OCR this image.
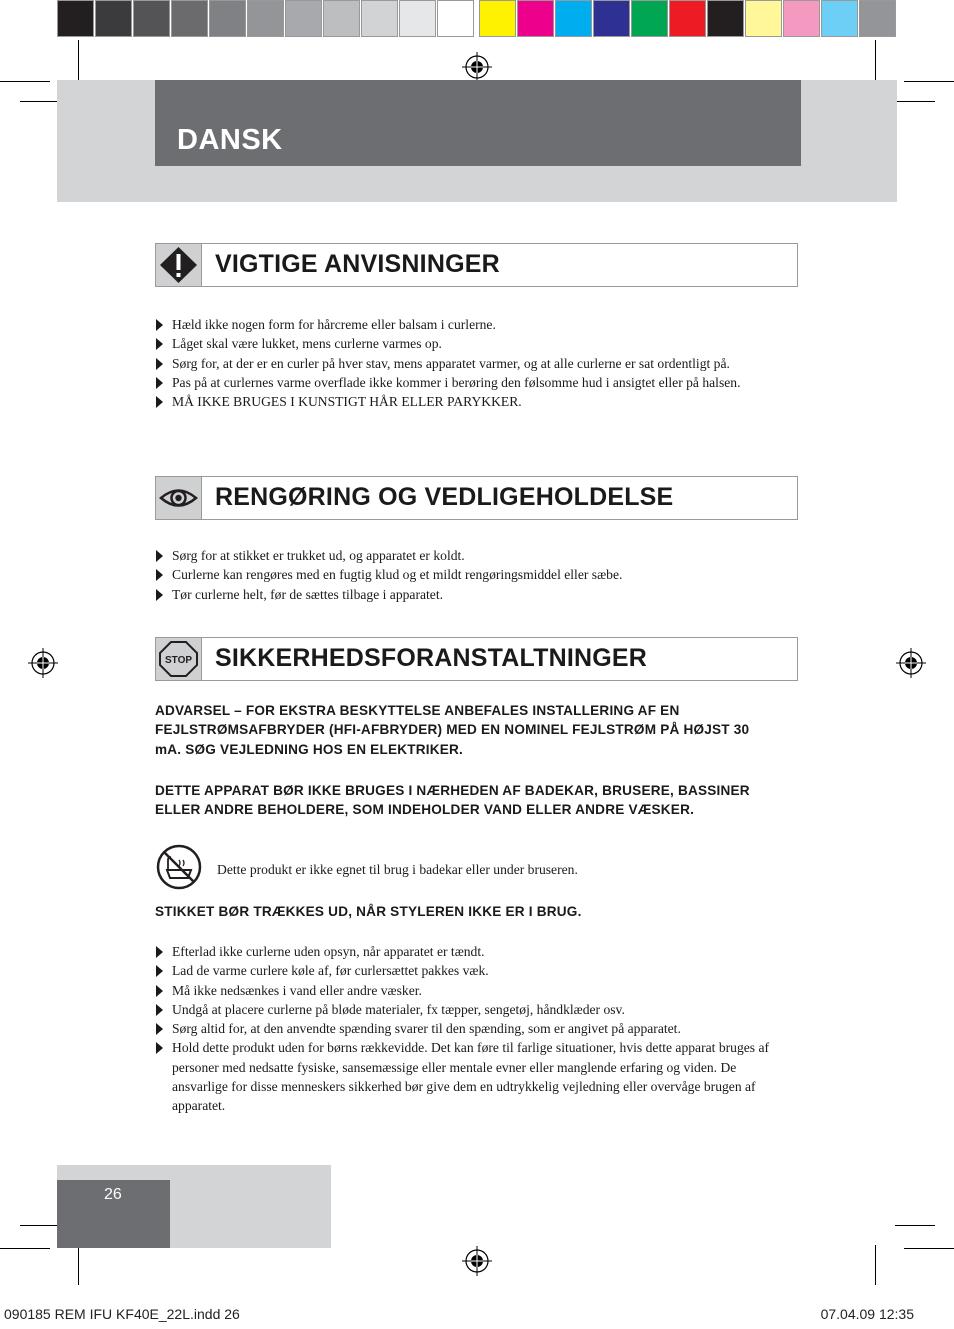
DANSK
VIGTIGE ANVISNINGER
Hæld ikke nogen form for hårcreme eller balsam i curlerne.
Låget skal være lukket, mens curlerne varmes op.
Sørg for, at der er en curler på hver stav, mens apparatet varmer, og at alle curlerne er sat ordentligt på.
Pas på at curlernes varme overflade ikke kommer i berøring den følsomme hud i ansigtet eller på halsen.
MÅ IKKE BRUGES I KUNSTIGT HÅR ELLER PARYKKER.
RENGØRING OG VEDLIGEHOLDELSE
Sørg for at stikket er trukket ud, og apparatet er koldt.
Curlerne kan rengøres med en fugtig klud og et mildt rengøringsmiddel eller sæbe.
Tør curlerne helt, før de sættes tilbage i apparatet.
STOP SIKKERHEDSFORANSTALTNINGER
ADVARSEL – FOR EKSTRA BESKYTTELSE ANBEFALES INSTALLERING AF EN FEJLSTRØMSAFBRYDER (HFI-AFBRYDER) MED EN NOMINEL FEJLSTRØM PÅ HØJST 30 mA. SØG VEJLEDNING HOS EN ELEKTRIKER.
DETTE APPARAT BØR IKKE BRUGES I NÆRHEDEN AF BADEKAR, BRUSERE, BASSINER ELLER ANDRE BEHOLDERE, SOM INDEHOLDER VAND ELLER ANDRE VÆSKER.
Dette produkt er ikke egnet til brug i badekar eller under bruseren.
STIKKET BØR TRÆKKES UD, NÅR STYLEREN IKKE ER I BRUG.
Efterlad ikke curlerne uden opsyn, når apparatet er tændt.
Lad de varme curlere køle af, før curlersættet pakkes væk.
Må ikke nedsænkes i vand eller andre væsker.
Undgå at placere curlerne på bløde materialer, fx tæpper, sengetøj, håndklæder osv.
Sørg altid for, at den anvendte spænding svarer til den spænding, som er angivet på apparatet.
Hold dette produkt uden for børns rækkevidde. Det kan føre til farlige situationer, hvis dette apparat bruges af personer med nedsatte fysiske, sansemæssige eller mentale evner eller manglende erfaring og viden. De ansvarlige for disse menneskers sikkerhed bør give dem en udtrykkelig vejledning eller overvåge brugen af apparatet.
26
090185 REM IFU KF40E_22L.indd 26	07.04.09 12:35
